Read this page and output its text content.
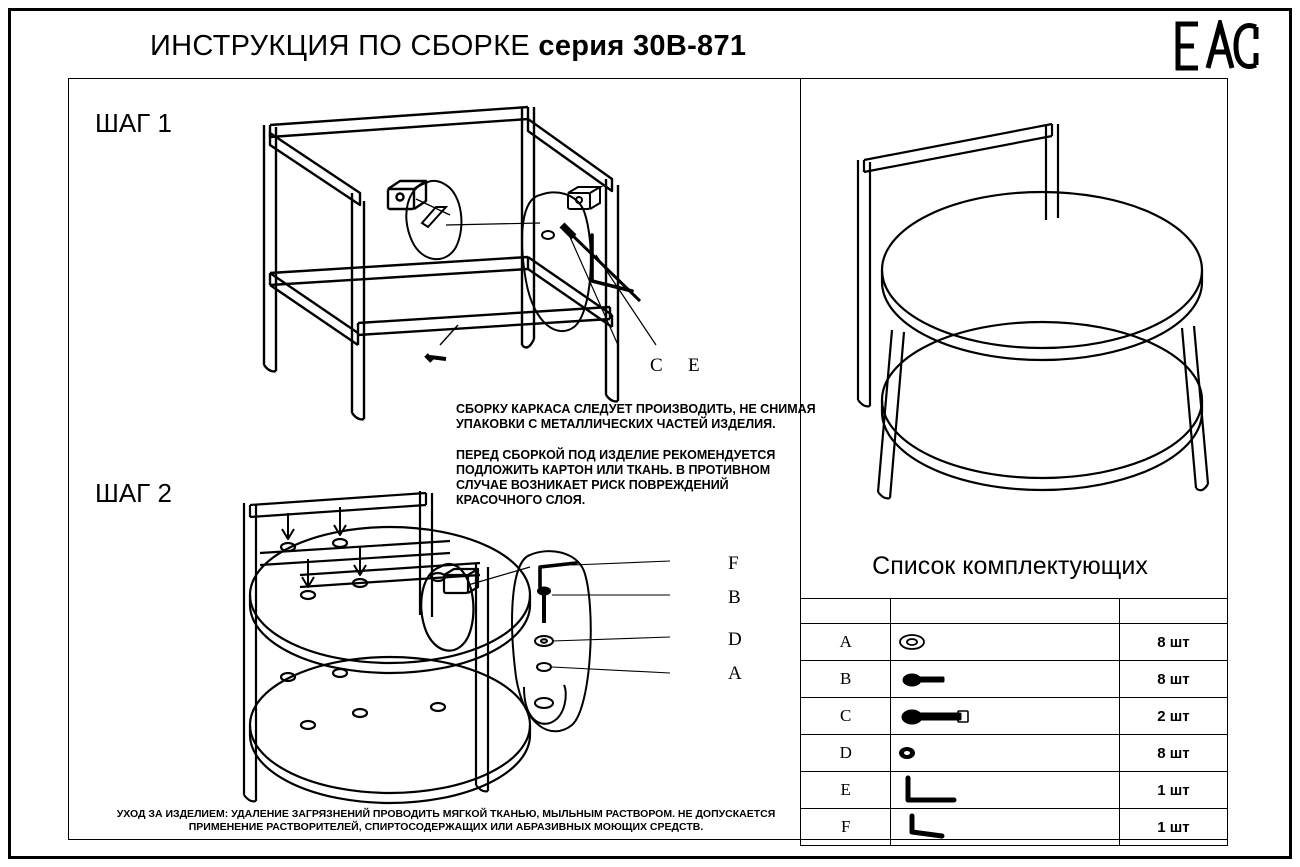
ИНСТРУКЦИЯ ПО СБОРКЕ серия 30B-871
ШАГ 1
C E
СБОРКУ КАРКАСА СЛЕДУЕТ ПРОИЗВОДИТЬ, НЕ СНИМАЯ УПАКОВКИ С МЕТАЛЛИЧЕСКИХ ЧАСТЕЙ ИЗДЕЛИЯ.
ПЕРЕД СБОРКОЙ ПОД ИЗДЕЛИЕ РЕКОМЕНДУЕТСЯ ПОДЛОЖИТЬ КАРТОН ИЛИ ТКАНЬ. В ПРОТИВНОМ СЛУЧАЕ ВОЗНИКАЕТ РИСК ПОВРЕЖДЕНИЙ КРАСОЧНОГО СЛОЯ.
ШАГ 2
F
B
D
A
Список комплектующих

A		8 шт
B		8 шт
C		2 шт
D		8 шт
E		1 шт
F		1 шт
УХОД ЗА ИЗДЕЛИЕМ: УДАЛЕНИЕ ЗАГРЯЗНЕНИЙ ПРОВОДИТЬ МЯГКОЙ ТКАНЬЮ, МЫЛЬНЫМ РАСТВОРОМ. НЕ ДОПУСКАЕТСЯ ПРИМЕНЕНИЕ РАСТВОРИТЕЛЕЙ, СПИРТОСОДЕРЖАЩИХ ИЛИ АБРАЗИВНЫХ МОЮЩИХ СРЕДСТВ.
